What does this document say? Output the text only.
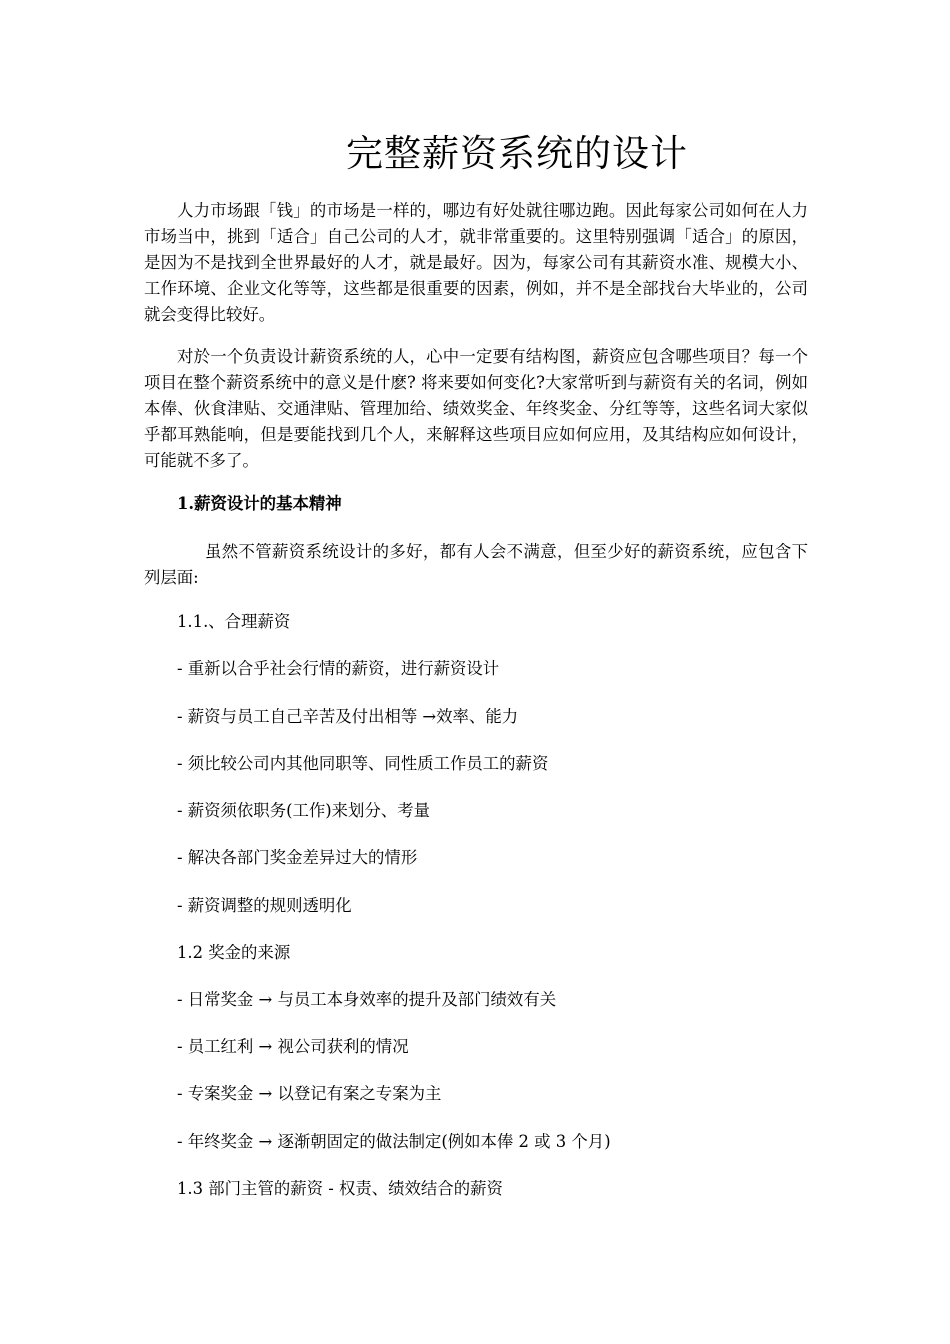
完整薪资系统的设计

人力市场跟「钱」的市场是一样的，哪边有好处就往哪边跑。因此每家公司如何在人力市场当中，挑到「适合」自己公司的人才，就非常重要的。这里特别强调「适合」的原因，是因为不是找到全世界最好的人才，就是最好。因为，每家公司有其薪资水准、规模大小、工作环境、企业文化等等，这些都是很重要的因素，例如，并不是全部找台大毕业的，公司就会变得比较好。

对於一个负责设计薪资系统的人，心中一定要有结构图，薪资应包含哪些项目？每一个项目在整个薪资系统中的意义是什麽? 将来要如何变化?大家常听到与薪资有关的名词，例如本俸、伙食津贴、交通津贴、管理加给、绩效奖金、年终奖金、分红等等，这些名词大家似乎都耳熟能响，但是要能找到几个人，来解释这些项目应如何应用，及其结构应如何设计，可能就不多了。

1.薪资设计的基本精神

虽然不管薪资系统设计的多好，都有人会不满意，但至少好的薪资系统，应包含下列层面:

1.1.、合理薪资

- 重新以合乎社会行情的薪资，进行薪资设计

- 薪资与员工自己辛苦及付出相等 →效率、能力

- 须比较公司内其他同职等、同性质工作员工的薪资

- 薪资须依职务(工作)来划分、考量

- 解决各部门奖金差异过大的情形

- 薪资调整的规则透明化

1.2 奖金的来源

- 日常奖金 → 与员工本身效率的提升及部门绩效有关

- 员工红利 → 视公司获利的情况

- 专案奖金 → 以登记有案之专案为主

- 年终奖金 → 逐渐朝固定的做法制定(例如本俸 2 或 3 个月)

1.3 部门主管的薪资 - 权责、绩效结合的薪资
